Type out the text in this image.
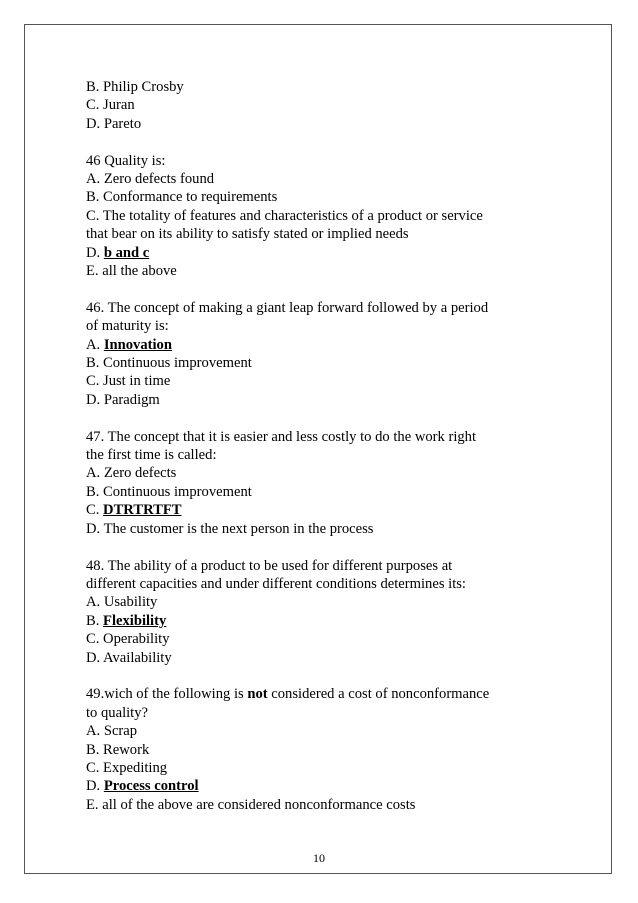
B. Philip Crosby

C. Juran

D. Pareto

46 Quality is:

A. Zero defects found

B. Conformance to requirements

C. The totality of features and characteristics of a product or service

that bear on its ability to satisfy stated or implied needs

D. b and c

E. all the above

46. The concept of making a giant leap forward followed by a period

of maturity is:

A. Innovation

B. Continuous improvement

C. Just in time

D. Paradigm

47. The concept that it is easier and less costly to do the work right

the first time is called:

A. Zero defects

B. Continuous improvement

C. DTRTRTFT

D. The customer is the next person in the process

48. The ability of a product to be used for different purposes at

different capacities and under different conditions determines its:

A. Usability

B. Flexibility

C. Operability

D. Availability

49.wich of the following is not considered a cost of nonconformance

to quality?

A. Scrap

B. Rework

C. Expediting

D. Process control

E. all of the above are considered nonconformance costs

10
